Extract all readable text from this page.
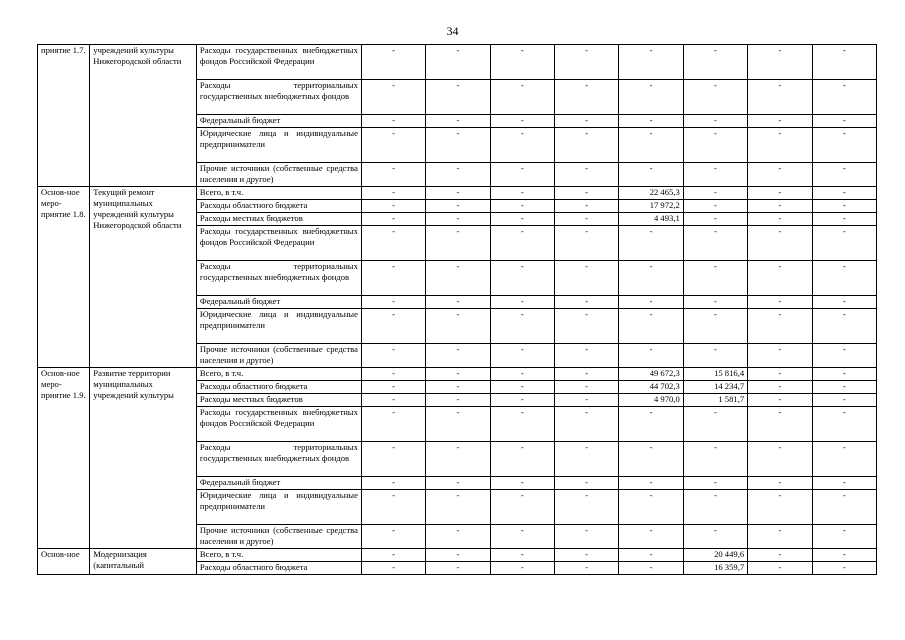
34
приятие 1.7.	учреждений культуры Нижегородской области	Расходы государственных внебюджетных фондов Российской Федерации	-	-	-	-	-	-	-	-
		Расходы территориальных государственных внебюджетных фондов	-	-	-	-	-	-	-	-
		Федеральный бюджет	-	-	-	-	-	-	-	-
		Юридические лица и индивидуальные предприниматели	-	-	-	-	-	-	-	-
		Прочие источники (собственные средства населения и другое)	-	-	-	-	-	-	-	-
Основ-ное меро-приятие 1.8.	Текущий ремонт муниципальных учреждений культуры Нижегородской области	Всего, в т.ч.	-	-	-	-	22 465,3	-	-	-
		Расходы областного бюджета	-	-	-	-	17 972,2	-	-	-
		Расходы местных бюджетов	-	-	-	-	4 493,1	-	-	-
		Расходы государственных внебюджетных фондов Российской Федерации	-	-	-	-	-	-	-	-
		Расходы территориальных государственных внебюджетных фондов	-	-	-	-	-	-	-	-
		Федеральный бюджет	-	-	-	-	-	-	-	-
		Юридические лица и индивидуальные предприниматели	-	-	-	-	-	-	-	-
		Прочие источники (собственные средства населения и другое)	-	-	-	-	-	-	-	-
Основ-ное меро-приятие 1.9.	Развитие территории муниципальных учреждений культуры	Всего, в т.ч.	-	-	-	-	49 672,3	15 816,4	-	-
		Расходы областного бюджета	-	-	-	-	44 702,3	14 234,7	-	-
		Расходы местных бюджетов	-	-	-	-	4 970,0	1 581,7	-	-
		Расходы государственных внебюджетных фондов Российской Федерации	-	-	-	-	-	-	-	-
		Расходы территориальных государственных внебюджетных фондов	-	-	-	-	-	-	-	-
		Федеральный бюджет	-	-	-	-	-	-	-	-
		Юридические лица и индивидуальные предприниматели	-	-	-	-	-	-	-	-
		Прочие источники (собственные средства населения и другое)	-	-	-	-	-	-	-	-
Основ-ное	Модернизация (капитальный	Всего, в т.ч.	-	-	-	-	-	20 449,6	-	-
		Расходы областного бюджета	-	-	-	-	-	16 359,7	-	-
